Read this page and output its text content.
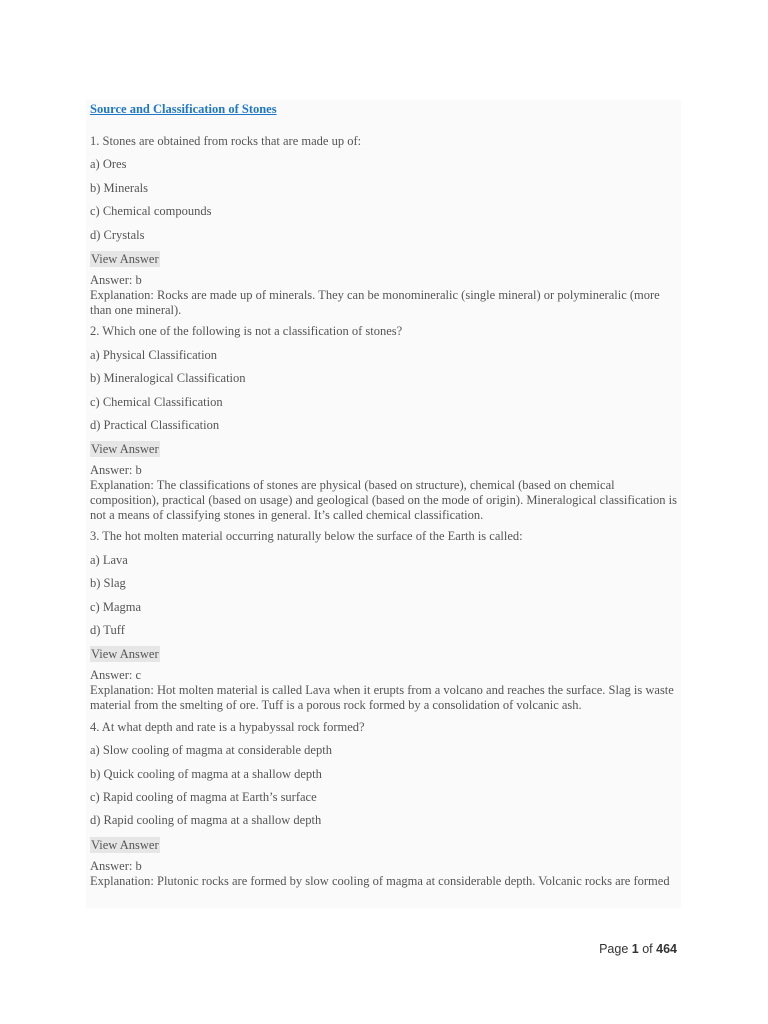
Source and Classification of Stones
1. Stones are obtained from rocks that are made up of:
a) Ores
b) Minerals
c) Chemical compounds
d) Crystals
View Answer
Answer: b
Explanation: Rocks are made up of minerals. They can be monomineralic (single mineral) or polymineralic (more than one mineral).
2. Which one of the following is not a classification of stones?
a) Physical Classification
b) Mineralogical Classification
c) Chemical Classification
d) Practical Classification
View Answer
Answer: b
Explanation: The classifications of stones are physical (based on structure), chemical (based on chemical composition), practical (based on usage) and geological (based on the mode of origin). Mineralogical classification is not a means of classifying stones in general. It’s called chemical classification.
3. The hot molten material occurring naturally below the surface of the Earth is called:
a) Lava
b) Slag
c) Magma
d) Tuff
View Answer
Answer: c
Explanation: Hot molten material is called Lava when it erupts from a volcano and reaches the surface. Slag is waste material from the smelting of ore. Tuff is a porous rock formed by a consolidation of volcanic ash.
4. At what depth and rate is a hypabyssal rock formed?
a) Slow cooling of magma at considerable depth
b) Quick cooling of magma at a shallow depth
c) Rapid cooling of magma at Earth’s surface
d) Rapid cooling of magma at a shallow depth
View Answer
Answer: b
Explanation: Plutonic rocks are formed by slow cooling of magma at considerable depth. Volcanic rocks are formed
Page 1 of 464
